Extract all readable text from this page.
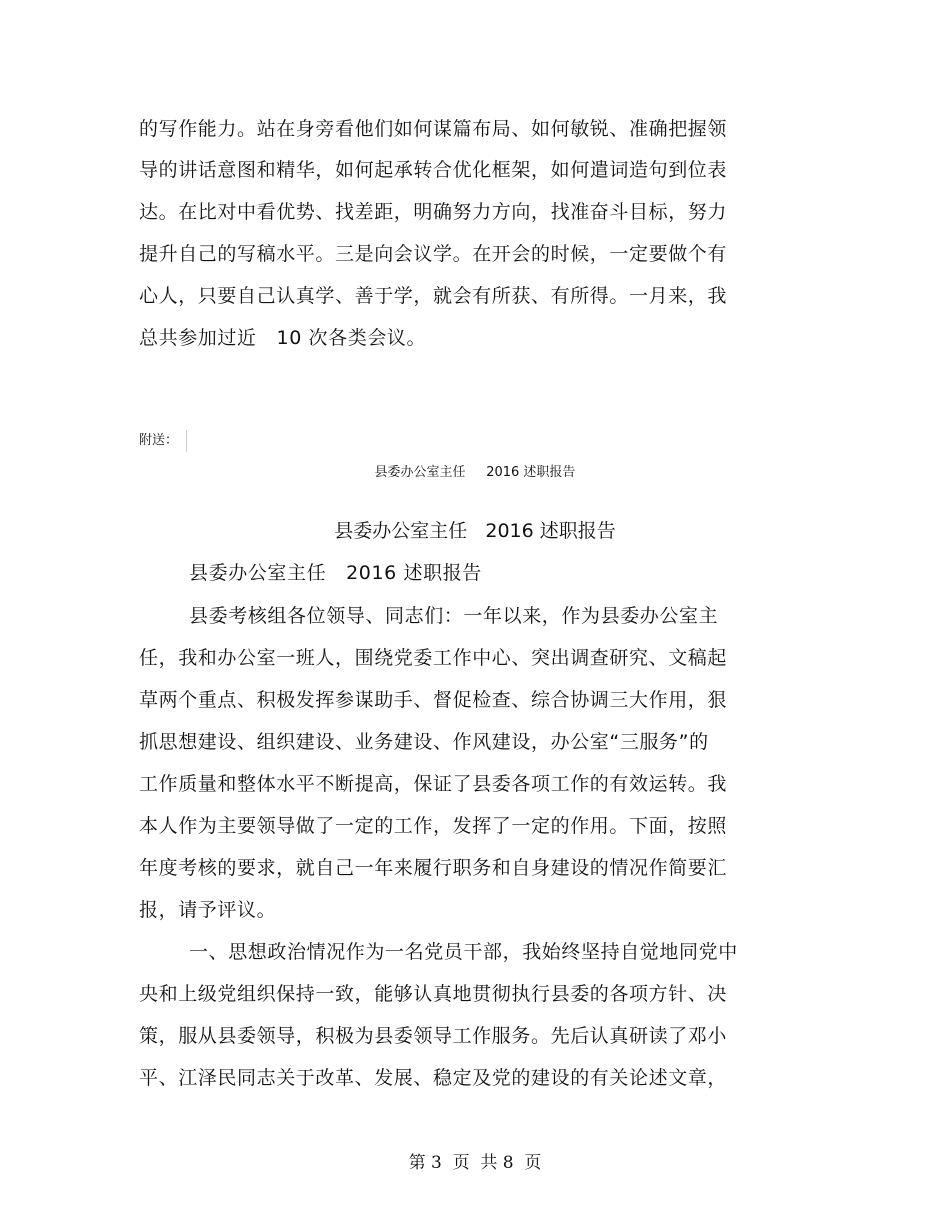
的写作能力。站在身旁看他们如何谋篇布局、如何敏锐、准确把握领
导的讲话意图和精华，如何起承转合优化框架，如何遣词造句到位表
达。在比对中看优势、找差距，明确努力方向，找准奋斗目标，努力
提升自己的写稿水平。三是向会议学。在开会的时候，一定要做个有
心人，只要自己认真学、善于学，就会有所获、有所得。一月来，我
总共参加过近   10 次各类会议。
附送：
县委办公室主任     2016 述职报告
县委办公室主任   2016 述职报告
县委办公室主任   2016 述职报告
县委考核组各位领导、同志们：一年以来，作为县委办公室主
任，我和办公室一班人，围绕党委工作中心、突出调查研究、文稿起
草两个重点、积极发挥参谋助手、督促检查、综合协调三大作用，狠
抓思想建设、组织建设、业务建设、作风建设，办公室“三服务”的
工作质量和整体水平不断提高，保证了县委各项工作的有效运转。我
本人作为主要领导做了一定的工作，发挥了一定的作用。下面，按照
年度考核的要求，就自己一年来履行职务和自身建设的情况作简要汇
报，请予评议。
一、思想政治情况作为一名党员干部，我始终坚持自觉地同党中
央和上级党组织保持一致，能够认真地贯彻执行县委的各项方针、决
策，服从县委领导，积极为县委领导工作服务。先后认真研读了邓小
平、江泽民同志关于改革、发展、稳定及党的建设的有关论述文章，
第 3  页  共 8  页
